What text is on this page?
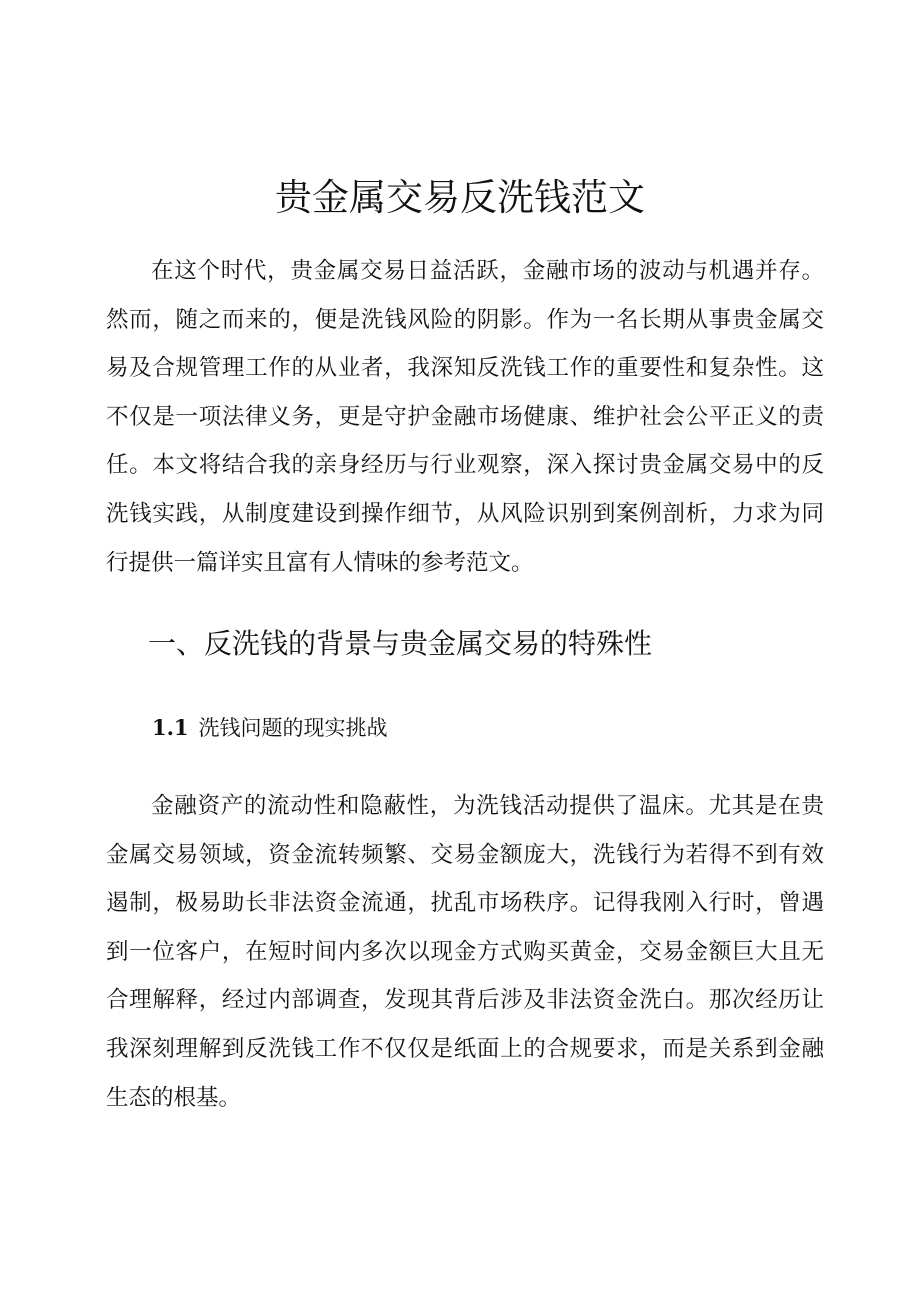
贵金属交易反洗钱范文

在这个时代，贵金属交易日益活跃，金融市场的波动与机遇并存。然而，随之而来的，便是洗钱风险的阴影。作为一名长期从事贵金属交易及合规管理工作的从业者，我深知反洗钱工作的重要性和复杂性。这不仅是一项法律义务，更是守护金融市场健康、维护社会公平正义的责任。本文将结合我的亲身经历与行业观察，深入探讨贵金属交易中的反洗钱实践，从制度建设到操作细节，从风险识别到案例剖析，力求为同行提供一篇详实且富有人情味的参考范文。

一、反洗钱的背景与贵金属交易的特殊性
1.1 洗钱问题的现实挑战

金融资产的流动性和隐蔽性，为洗钱活动提供了温床。尤其是在贵金属交易领域，资金流转频繁、交易金额庞大，洗钱行为若得不到有效遏制，极易助长非法资金流通，扰乱市场秩序。记得我刚入行时，曾遇到一位客户，在短时间内多次以现金方式购买黄金，交易金额巨大且无合理解释，经过内部调查，发现其背后涉及非法资金洗白。那次经历让我深刻理解到反洗钱工作不仅仅是纸面上的合规要求，而是关系到金融生态的根基。
